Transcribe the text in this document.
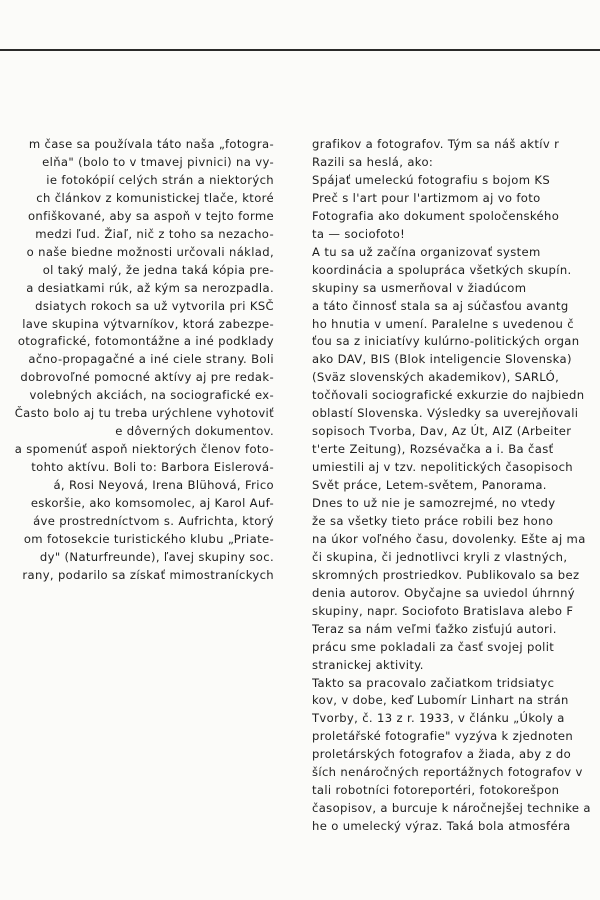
m čase sa používala táto naša „fotogra-
elňa" (bolo to v tmavej pivnici) na vy-
ie fotokópií celých strán a niektorých
ch článkov z komunistickej tlače, ktoré
onfiškované, aby sa aspoň v tejto forme
medzi ľud. Žiaľ, nič z toho sa nezacho-
o naše biedne možnosti určovali náklad,
ol taký malý, že jedna taká kópia pre-
a desiatkami rúk, až kým sa nerozpadla.
dsiatych rokoch sa už vytvorila pri KSČ
lave skupina výtvarníkov, ktorá zabezpe-
otografické, fotomontážne a iné podklady
ačno-propagačné a iné ciele strany. Boli
dobrovoľné pomocné aktívy aj pre redak-
volebných akciách, na sociografické ex-
Často bolo aj tu treba urýchlene vyhotoviť
e dôverných dokumentov.
a spomenúť aspoň niektorých členov foto-
tohto aktívu. Boli to: Barbora Eislerová-
á, Rosi Neyová, Irena Blühová, Frico
eskoršie, ako komsomolec, aj Karol Auf-
áve prostredníctvom s. Aufrichta, ktorý
om fotosekcie turistického klubu „Priate-
dy" (Naturfreunde), ľavej skupiny soc.
rany, podarilo sa získať mimostraníckych
grafikov a fotografov. Tým sa náš aktív r
Razili sa heslá, ako:
Spájať umeleckú fotografiu s bojom KS
Preč s l'art pour l'artizmom aj vo foto
Fotografia ako dokument spoločenského
ta — sociofoto!
A tu sa už začína organizovať system
koordinácia a spolupráca všetkých skupín.
skupiny sa usmerňoval v žiadúcom
a táto činnosť stala sa aj súčasťou avantg
ho hnutia v umení. Paralelne s uvedenou č
ťou sa z iniciatívy kulúrno-politických organ
ako DAV, BIS (Blok inteligencie Slovenska)
(Sväz slovenských akademikov), SARLÓ,
točňovali sociografické exkurzie do najbiedn
oblastí Slovenska. Výsledky sa uverejňovali
sopisoch Tvorba, Dav, Az Út, AIZ (Arbeiter
t'erte Zeitung), Rozsévačka a i. Ba časť
umiestili aj v tzv. nepolitických časopisoch
Svět práce, Letem-světem, Panorama.
Dnes to už nie je samozrejmé, no vtedy
že sa všetky tieto práce robili bez hono
na úkor voľného času, dovolenky. Ešte aj ma
či skupina, či jednotlivci kryli z vlastných,
skromných prostriedkov. Publikovalo sa bez
denia autorov. Obyčajne sa uviedol úhrnný
skupiny, napr. Sociofoto Bratislava alebo F
Teraz sa nám veľmi ťažko zisťujú autori.
prácu sme pokladali za časť svojej polit
stranickej aktivity.
Takto sa pracovalo začiatkom tridsiatyc
kov, v dobe, keď Lubomír Linhart na strán
Tvorby, č. 13 z r. 1933, v článku „Úkoly a
proletářské fotografie" vyzýva k zjednoten
proletárských fotografov a žiada, aby z do
ších nenáročných reportážnych fotografov v
tali robotníci fotoreportéri, fotokorešpon
časopisov, a burcuje k náročnejšej technike a
he o umelecký výraz. Taká bola atmosféra
